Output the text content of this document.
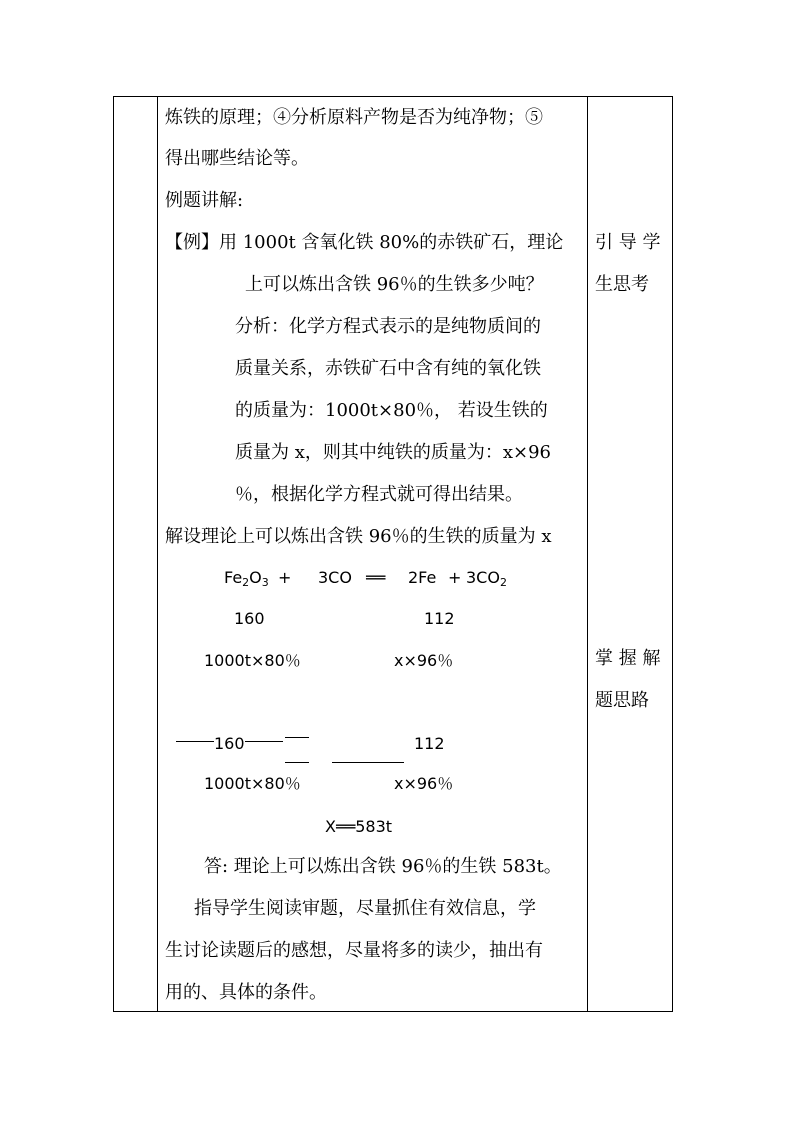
炼铁的原理；④分析原料产物是否为纯净物；⑤
得出哪些结论等。
例题讲解:
【例】用 1000t 含氧化铁 80%的赤铁矿石，理论
上可以炼出含铁 96％的生铁多少吨？
分析：化学方程式表示的是纯物质间的
质量关系，赤铁矿石中含有纯的氧化铁
的质量为：1000t×80％， 若设生铁的
质量为 x，则其中纯铁的质量为：x×96
％，根据化学方程式就可得出结果。
解设理论上可以炼出含铁 96％的生铁的质量为 x
$Fe_2O_3 + 3CO$ ══ $2Fe + 3CO_2$
160	112
1000t×80％	x×96％
160	112
1000t×80％	x×96％
X══583t
答: 理论上可以炼出含铁 96％的生铁 583t。
指导学生阅读审题，尽量抓住有效信息，学
生讨论读题后的感想，尽量将多的读少，抽出有
用的、具体的条件。
引 导 学
生思考
掌 握 解
题思路
